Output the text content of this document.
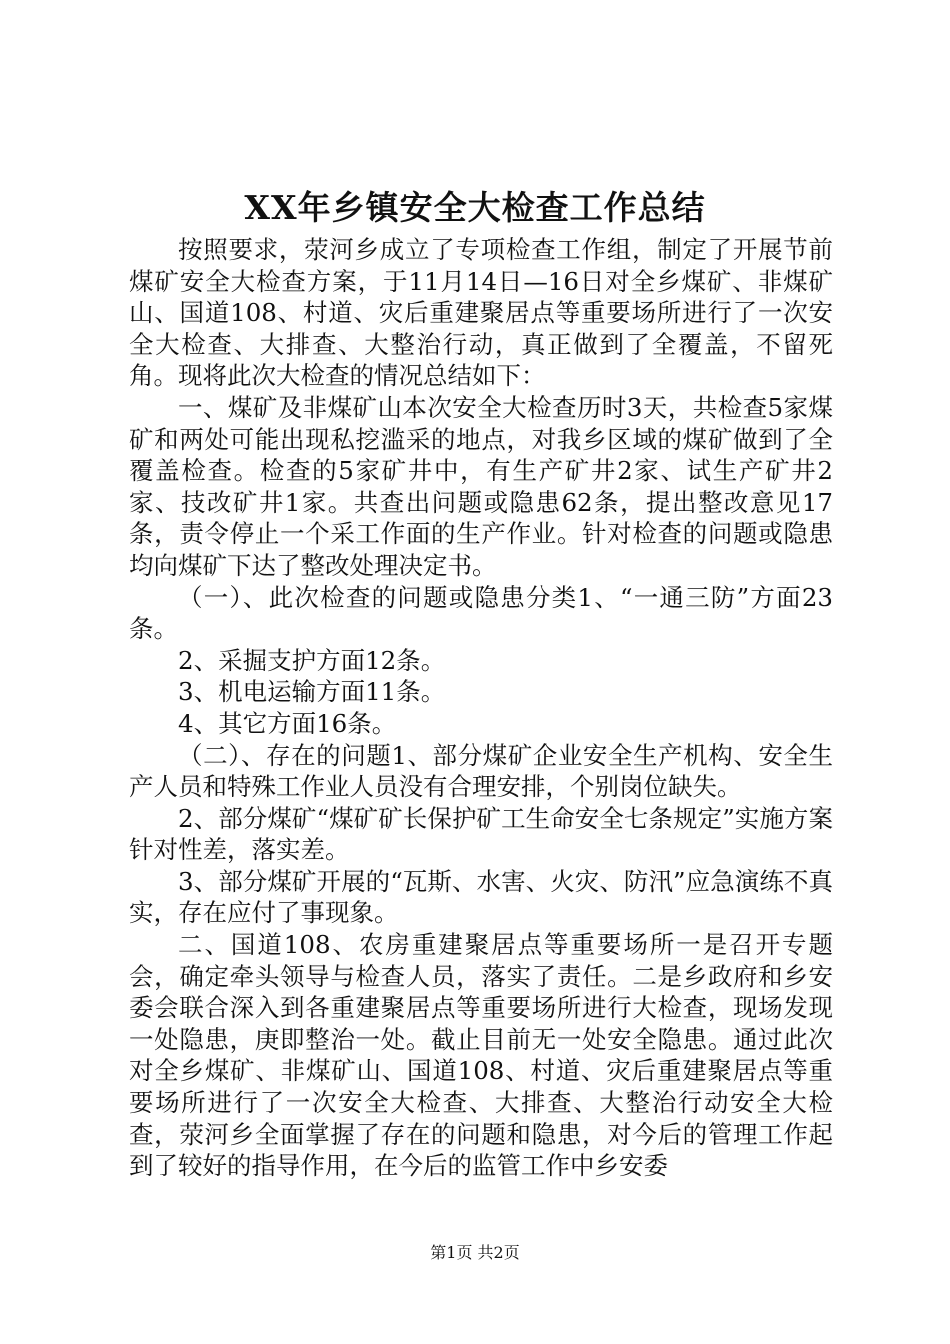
XX年乡镇安全大检查工作总结

按照要求，荥河乡成立了专项检查工作组，制定了开展节前煤矿安全大检查方案，于11月14日—16日对全乡煤矿、非煤矿山、国道108、村道、灾后重建聚居点等重要场所进行了一次安全大检查、大排查、大整治行动，真正做到了全覆盖，不留死角。现将此次大检查的情况总结如下：

一、煤矿及非煤矿山本次安全大检查历时3天，共检查5家煤矿和两处可能出现私挖滥采的地点，对我乡区域的煤矿做到了全覆盖检查。检查的5家矿井中，有生产矿井2家、试生产矿井2家、技改矿井1家。共查出问题或隐患62条，提出整改意见17条，责令停止一个采工作面的生产作业。针对检查的问题或隐患均向煤矿下达了整改处理决定书。

（一）、此次检查的问题或隐患分类1、“一通三防”方面23条。

2、采掘支护方面12条。

3、机电运输方面11条。

4、其它方面16条。

（二）、存在的问题1、部分煤矿企业安全生产机构、安全生产人员和特殊工作业人员没有合理安排，个别岗位缺失。

2、部分煤矿“煤矿矿长保护矿工生命安全七条规定”实施方案针对性差，落实差。

3、部分煤矿开展的“瓦斯、水害、火灾、防汛”应急演练不真实，存在应付了事现象。

二、国道108、农房重建聚居点等重要场所一是召开专题会，确定牵头领导与检查人员，落实了责任。二是乡政府和乡安委会联合深入到各重建聚居点等重要场所进行大检查，现场发现一处隐患，庚即整治一处。截止目前无一处安全隐患。通过此次对全乡煤矿、非煤矿山、国道108、村道、灾后重建聚居点等重要场所进行了一次安全大检查、大排查、大整治行动安全大检查，荥河乡全面掌握了存在的问题和隐患，对今后的管理工作起到了较好的指导作用，在今后的监管工作中乡安委

第1页 共2页
